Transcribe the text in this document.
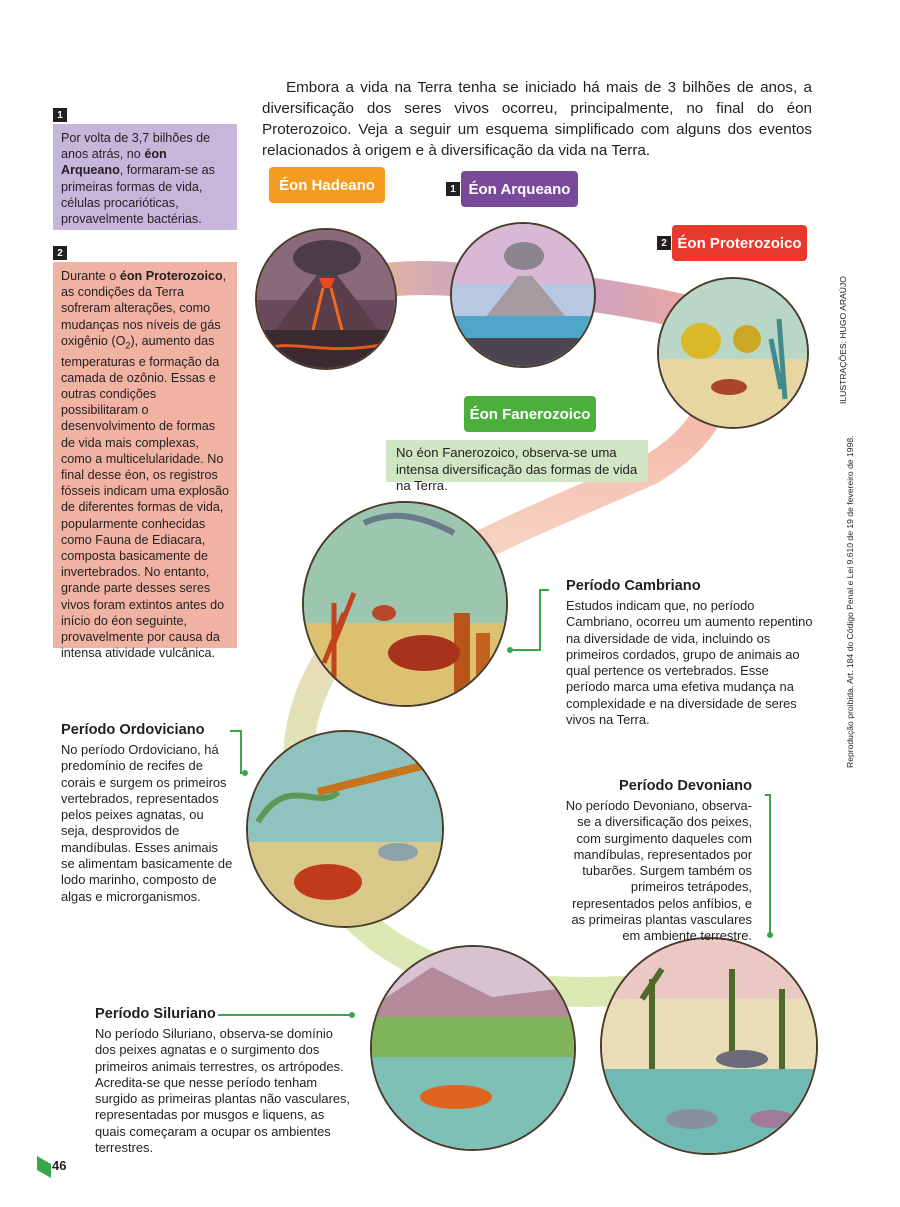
Embora a vida na Terra tenha se iniciado há mais de 3 bilhões de anos, a diversificação dos seres vivos ocorreu, principalmente, no final do éon Proterozoico. Veja a seguir um esquema simplificado com alguns dos eventos relacionados à origem e à diversificação da vida na Terra.

1
Por volta de 3,7 bilhões de anos atrás, no éon Arqueano, formaram-se as primeiras formas de vida, células procarióticas, provavelmente bactérias.
2
Durante o éon Proterozoico, as condições da Terra sofreram alterações, como mudanças nos níveis de gás oxigênio $(O_2)$, aumento das temperaturas e formação da camada de ozônio. Essas e outras condições possibilitaram o desenvolvimento de formas de vida mais complexas, como a multicelularidade. No final desse éon, os registros fósseis indicam uma explosão de diferentes formas de vida, popularmente conhecidas como Fauna de Ediacara, composta basicamente de invertebrados. No entanto, grande parte desses seres vivos foram extintos antes do início do éon seguinte, provavelmente por causa da intensa atividade vulcânica.
Éon Hadeano	1 Éon Arqueano
2 Éon Proterozoico
Éon Fanerozoico
No éon Fanerozoico, observa-se uma intensa diversificação das formas de vida na Terra.
Período Cambriano

Estudos indicam que, no período Cambriano, ocorreu um aumento repentino na diversidade de vida, incluindo os primeiros cordados, grupo de animais ao qual pertence os vertebrados. Esse período marca uma efetiva mudança na complexidade e na diversidade de seres vivos na Terra.

Período Ordoviciano

No período Ordoviciano, há predomínio de recifes de corais e surgem os primeiros vertebrados, representados pelos peixes agnatas, ou seja, desprovidos de mandíbulas. Esses animais se alimentam basicamente de lodo marinho, composto de algas e microrganismos.

Período Devoniano

No período Devoniano, observa-se a diversificação dos peixes, com surgimento daqueles com mandíbulas, representados por tubarões. Surgem também os primeiros tetrápodes, representados pelos anfíbios, e as primeiras plantas vasculares em ambiente terrestre.

Período Siluriano

No período Siluriano, observa-se domínio dos peixes agnatas e o surgimento dos primeiros animais terrestres, os artrópodes. Acredita-se que nesse período tenham surgido as primeiras plantas não vasculares, representadas por musgos e liquens, as quais começaram a ocupar os ambientes terrestres.

ILUSTRAÇÕES: HUGO ARAÚJO
Reprodução proibida. Art. 184 do Código Penal e Lei 9.610 de 19 de fevereiro de 1998.
46
